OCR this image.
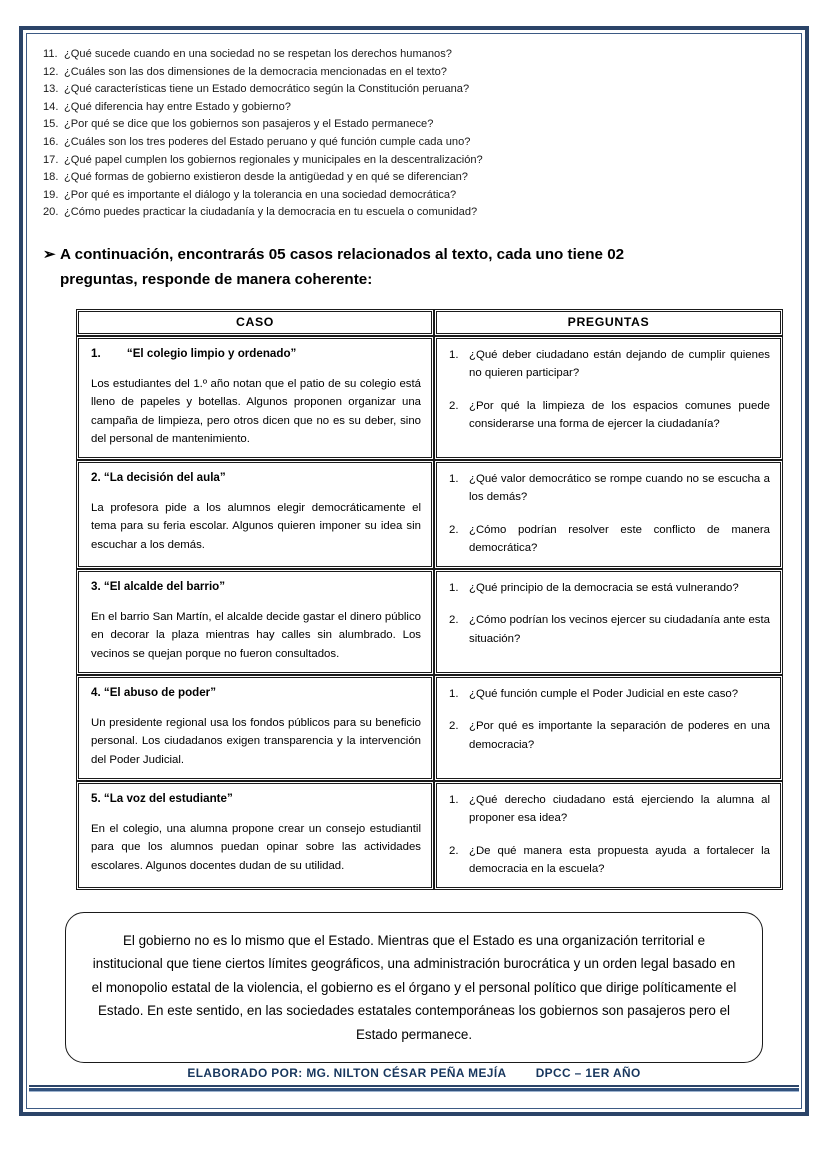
11. ¿Qué sucede cuando en una sociedad no se respetan los derechos humanos?
12. ¿Cuáles son las dos dimensiones de la democracia mencionadas en el texto?
13. ¿Qué características tiene un Estado democrático según la Constitución peruana?
14. ¿Qué diferencia hay entre Estado y gobierno?
15. ¿Por qué se dice que los gobiernos son pasajeros y el Estado permanece?
16. ¿Cuáles son los tres poderes del Estado peruano y qué función cumple cada uno?
17. ¿Qué papel cumplen los gobiernos regionales y municipales en la descentralización?
18. ¿Qué formas de gobierno existieron desde la antigüedad y en qué se diferencian?
19. ¿Por qué es importante el diálogo y la tolerancia en una sociedad democrática?
20. ¿Cómo puedes practicar la ciudadanía y la democracia en tu escuela o comunidad?
➢ A continuación, encontrarás 05 casos relacionados al texto, cada uno tiene 02
preguntas, responde de manera coherente:
CASO
1. “El colegio limpio y ordenado”
Los estudiantes del 1.º año notan que el patio de su colegio está lleno de papeles y botellas. Algunos proponen organizar una campaña de limpieza, pero otros dicen que no es su deber, sino del personal de mantenimiento.
2. “La decisión del aula”
La profesora pide a los alumnos elegir democráticamente el tema para su feria escolar. Algunos quieren imponer su idea sin escuchar a los demás.
3. “El alcalde del barrio”
En el barrio San Martín, el alcalde decide gastar el dinero público en decorar la plaza mientras hay calles sin alumbrado. Los vecinos se quejan porque no fueron consultados.
4. “El abuso de poder”
Un presidente regional usa los fondos públicos para su beneficio personal. Los ciudadanos exigen transparencia y la intervención del Poder Judicial.
5. “La voz del estudiante”
En el colegio, una alumna propone crear un consejo estudiantil para que los alumnos puedan opinar sobre las actividades escolares. Algunos docentes dudan de su utilidad.
PREGUNTAS
1. ¿Qué deber ciudadano están dejando de cumplir quienes no quieren participar?
2. ¿Por qué la limpieza de los espacios comunes puede considerarse una forma de ejercer la ciudadanía?
1. ¿Qué valor democrático se rompe cuando no se escucha a los demás?
2. ¿Cómo podrían resolver este conflicto de manera democrática?
1. ¿Qué principio de la democracia se está vulnerando?
2. ¿Cómo podrían los vecinos ejercer su ciudadanía ante esta situación?
1. ¿Qué función cumple el Poder Judicial en este caso?
2. ¿Por qué es importante la separación de poderes en una democracia?
1. ¿Qué derecho ciudadano está ejerciendo la alumna al proponer esa idea?
2. ¿De qué manera esta propuesta ayuda a fortalecer la democracia en la escuela?
El gobierno no es lo mismo que el Estado. Mientras que el Estado es una organización territorial e institucional que tiene ciertos límites geográficos, una administración burocrática y un orden legal basado en el monopolio estatal de la violencia, el gobierno es el órgano y el personal político que dirige políticamente el Estado. En este sentido, en las sociedades estatales contemporáneas los gobiernos son pasajeros pero el Estado permanece.
ELABORADO POR: MG. NILTON CÉSAR PEÑA MEJÍA        DPCC – 1ER AÑO
